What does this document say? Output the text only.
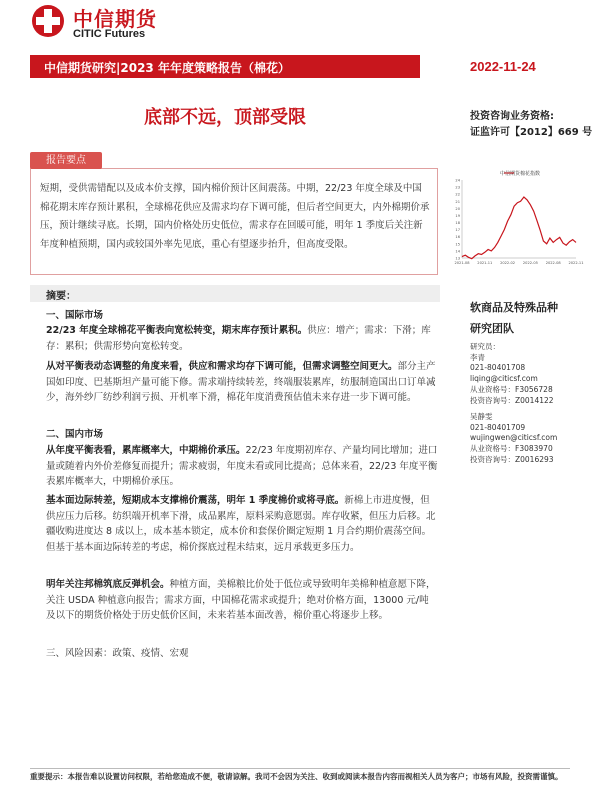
中信期货
CITIC Futures
中信期货研究|2023 年年度策略报告（棉花）	2022-11-24
底部不远，顶部受限	投资咨询业务资格:
证监许可【2012】669 号
报告要点
短期，受供需错配以及成本价支撑，国内棉价预计区间震荡。中期，22/23 年度全球及中国棉花期末库存预计累积，全球棉花供应及需求均存下调可能，但后者空间更大，内外棉期价承压，预计继续寻底。长期，国内价格处历史低位，需求存在回暖可能，明年 1 季度后关注新年度种植预期，国内或较国外率先见底，重心有望逐步抬升，但高度受限。
中信期货棉花指数
24
23
22
21
20
19
18
17
16
15
14
13
2021-08 2021-11 2022-02 2022-05 2022-08 2022-11
摘要：
一、国际市场
22/23 年度全球棉花平衡表向宽松转变，期末库存预计累积。供应：增产；需求：下滑；库存：累积；供需形势向宽松转变。
从对平衡表动态调整的角度来看，供应和需求均存下调可能，但需求调整空间更大。部分主产国如印度、巴基斯坦产量可能下修。需求端持续转差，终端服装累库，纺服制造国出口订单减少，海外纱厂纺纱利润亏损、开机率下滑，棉花年度消费预估值未来存进一步下调可能。
二、国内市场
从年度平衡表看，累库概率大，中期棉价承压。22/23 年度期初库存、产量均同比增加；进口量或随着内外价差修复而提升；需求疲弱，年度未看或同比提高；总体来看，22/23 年度平衡表累库概率大，中期棉价承压。
基本面边际转差，短期成本支撑棉价震荡，明年 1 季度棉价或将寻底。新棉上市进度慢，但供应压力后移。纺织端开机率下滑，成品累库，原料采购意愿弱。库存收紧，但压力后移。北疆收购进度达 8 成以上，成本基本锁定，成本价和套保价圈定短期 1 月合约期价震荡空间。但基于基本面边际转差的考虑，棉价探底过程未结束，远月承载更多压力。
明年关注邦棉筑底反弹机会。种植方面，美棉粮比价处于低位或导致明年美棉种植意愿下降，关注 USDA 种植意向报告；需求方面，中国棉花需求或提升；绝对价格方面，13000 元/吨及以下的期货价格处于历史低价区间，未来若基本面改善，棉价重心将逐步上移。
三、风险因素：政策、疫情、宏观
软商品及特殊品种
研究团队
研究员：
李青
021-80401708
liqing@citicsf.com
从业资格号：F3056728
投资咨询号：Z0014122
吴静雯
021-80401709
wujingwen@citicsf.com
从业资格号：F3083970
投资咨询号：Z0016293
重要提示：本报告难以设置访问权限，若给您造成不便，敬请谅解。我司不会因为关注、收到或阅读本报告内容而视相关人员为客户；市场有风险，投资需谨慎。
